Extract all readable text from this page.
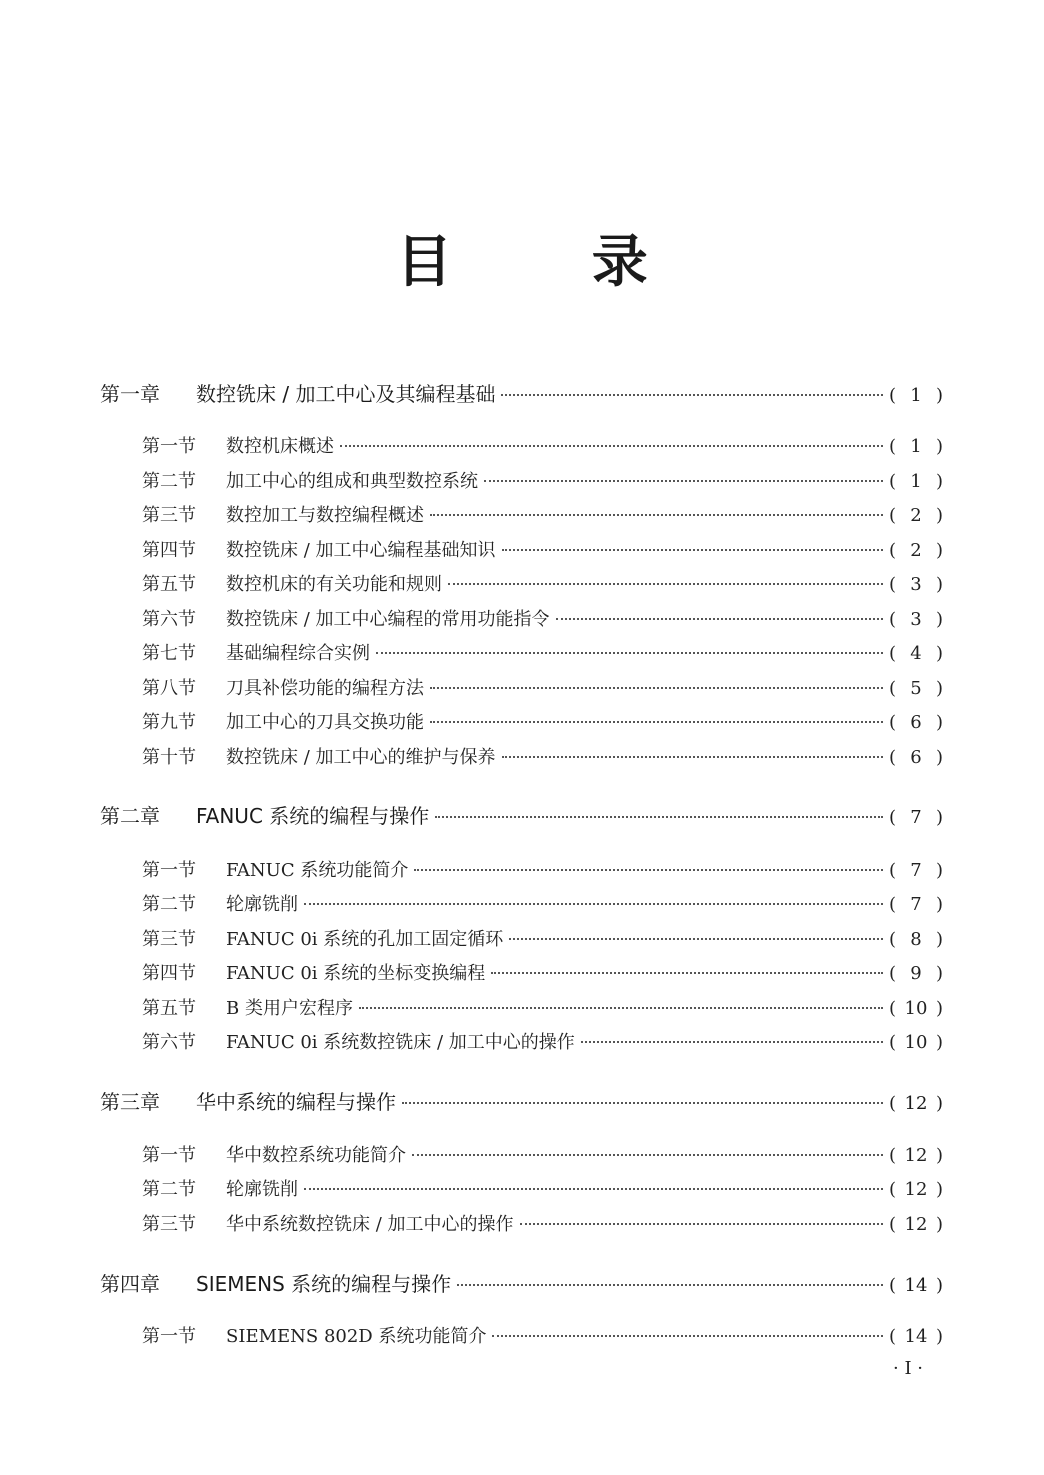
目 录
第一章	数控铣床 / 加工中心及其编程基础	( 1 )
第一节	数控机床概述	( 1 )
第二节	加工中心的组成和典型数控系统	( 1 )
第三节	数控加工与数控编程概述	( 2 )
第四节	数控铣床 / 加工中心编程基础知识	( 2 )
第五节	数控机床的有关功能和规则	( 3 )
第六节	数控铣床 / 加工中心编程的常用功能指令	( 3 )
第七节	基础编程综合实例	( 4 )
第八节	刀具补偿功能的编程方法	( 5 )
第九节	加工中心的刀具交换功能	( 6 )
第十节	数控铣床 / 加工中心的维护与保养	( 6 )
第二章	FANUC 系统的编程与操作	( 7 )
第一节	FANUC 系统功能简介	( 7 )
第二节	轮廓铣削	( 7 )
第三节	FANUC 0i 系统的孔加工固定循环	( 8 )
第四节	FANUC 0i 系统的坐标变换编程	( 9 )
第五节	B 类用户宏程序	( 10 )
第六节	FANUC 0i 系统数控铣床 / 加工中心的操作	( 10 )
第三章	华中系统的编程与操作	( 12 )
第一节	华中数控系统功能简介	( 12 )
第二节	轮廓铣削	( 12 )
第三节	华中系统数控铣床 / 加工中心的操作	( 12 )
第四章	SIEMENS 系统的编程与操作	( 14 )
第一节	SIEMENS 802D 系统功能简介	( 14 )
· I ·
